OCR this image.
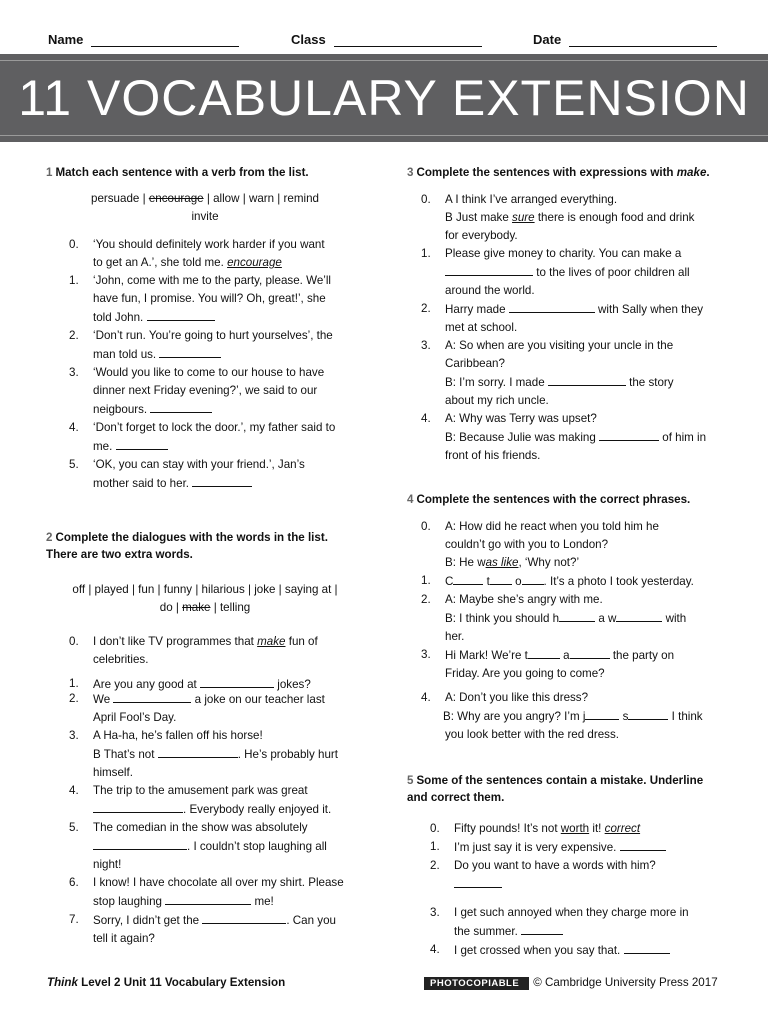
Name	Class	Date
11 VOCABULARY EXTENSION
1 Match each sentence with a verb from the list.
persuade | encourage | allow | warn | remind
invite
0. ‘You should definitely work harder if you want
to get an A.’, she told me. encourage
1. ‘John, come with me to the party, please. We’ll
have fun, I promise. You will? Oh, great!’, she
told John.
2. ‘Don’t run. You’re going to hurt yourselves’, the
man told us.
3. ‘Would you like to come to our house to have
dinner next Friday evening?’, we said to our
neigbours.
4. ‘Don’t forget to lock the door.’, my father said to
me.
5. ‘OK, you can stay with your friend.’, Jan’s
mother said to her.
2 Complete the dialogues with the words in the list.
There are two extra words.
off | played | fun | funny | hilarious | joke | saying at |
do | make | telling
0. I don’t like TV programmes that make fun of
celebrities.
1. Are you any good at	jokes?
2. We	a joke on our teacher last
April Fool’s Day.
3. A Ha-ha, he’s fallen off his horse!
B That’s not	. He’s probably hurt
himself.
4. The trip to the amusement park was great
. Everybody really enjoyed it.
5. The comedian in the show was absolutely
. I couldn’t stop laughing all
night!
6. I know! I have chocolate all over my shirt. Please
stop laughing	me!
7. Sorry, I didn’t get the	. Can you
tell it again?
3 Complete the sentences with expressions with make.
0. A I think I’ve arranged everything.
B Just make sure there is enough food and drink
for everybody.
1. Please give money to charity. You can make a
to the lives of poor children all
around the world.
2. Harry made	with Sally when they
met at school.
3. A: So when are you visiting your uncle in the
Caribbean?
B: I’m sorry. I made	the story
about my rich uncle.
4. A: Why was Terry was upset?
B: Because Julie was making	of him in
front of his friends.
4 Complete the sentences with the correct phrases.
0. A: How did he react when you told him he
couldn’t go with you to London?
B: He was like, ‘Why not?’
1. C	t o . It’s a photo I took yesterday.
2. A: Maybe she’s angry with me.
B: I think you should h	a w	with
her.
3. Hi Mark! We’re t	a	the party on
Friday. Are you going to come?
4. A: Don’t you like this dress?
B: Why are you angry? I’m j	s	I think
you look better with the red dress.
5 Some of the sentences contain a mistake. Underline
and correct them.
0. Fifty pounds! It’s not worth it! correct
1. I’m just say it is very expensive.
2. Do you want to have a words with him?

3. I get such annoyed when they charge more in
the summer.
4. I get crossed when you say that.
Think Level 2 Unit 11 Vocabulary Extension	PHOTOCOPIABLE © Cambridge University Press 2017
